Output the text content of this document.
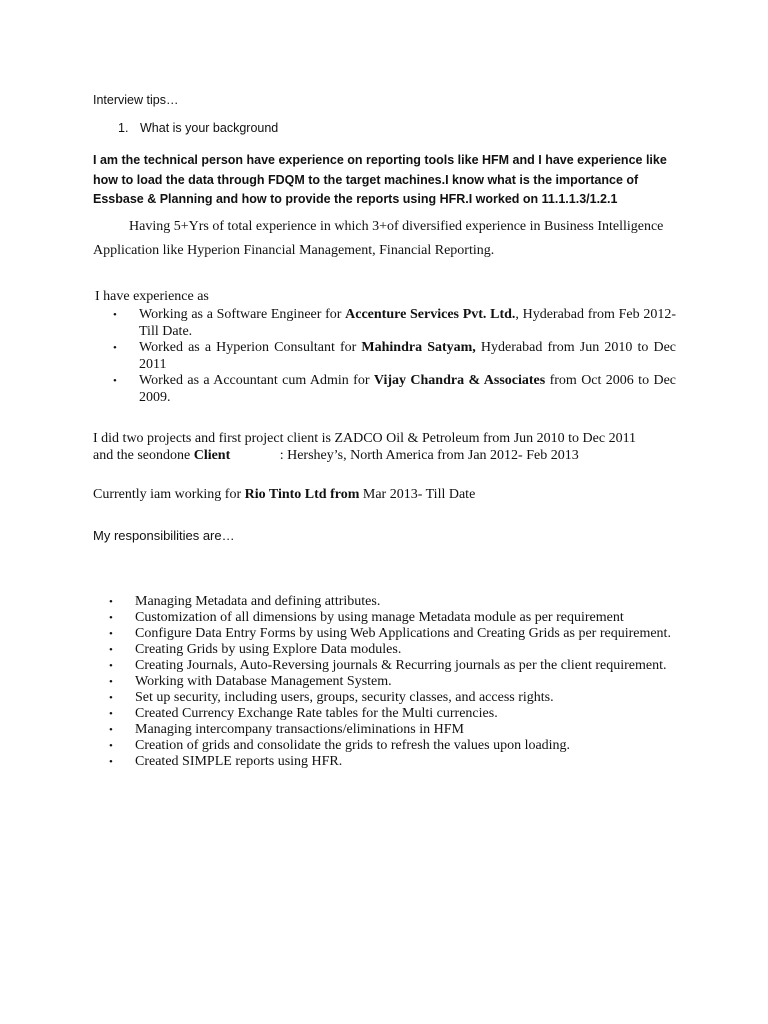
Interview tips…
1. What is your background
I am the technical person have experience on reporting tools like HFM and I have experience like how to load the data through FDQM to the target machines.I know what is the importance of Essbase & Planning and how to provide the reports using HFR.I worked on 11.1.1.3/1.2.1
Having 5+Yrs of total experience in which 3+of diversified experience in Business Intelligence Application like Hyperion Financial Management, Financial Reporting.
I have experience as
• Working as a Software Engineer for Accenture Services Pvt. Ltd., Hyderabad from Feb 2012- Till Date.
• Worked as a Hyperion Consultant for Mahindra Satyam, Hyderabad from Jun 2010 to Dec 2011
• Worked as a Accountant cum Admin for Vijay Chandra & Associates from Oct 2006 to Dec 2009.
I did two projects and first project client is ZADCO Oil & Petroleum from Jun 2010 to Dec 2011
and the seondone Client	: Hershey’s, North America from Jan 2012- Feb 2013
Currently iam working for Rio Tinto Ltd from Mar 2013- Till Date
My responsibilities are…
• Managing Metadata and defining attributes.
• Customization of all dimensions by using manage Metadata module as per requirement
• Configure Data Entry Forms by using Web Applications and Creating Grids as per requirement.
• Creating Grids by using Explore Data modules.
• Creating Journals, Auto-Reversing journals & Recurring journals as per the client requirement.
• Working with Database Management System.
• Set up security, including users, groups, security classes, and access rights.
• Created Currency Exchange Rate tables for the Multi currencies.
• Managing intercompany transactions/eliminations in HFM
• Creation of grids and consolidate the grids to refresh the values upon loading.
• Created SIMPLE reports using HFR.
